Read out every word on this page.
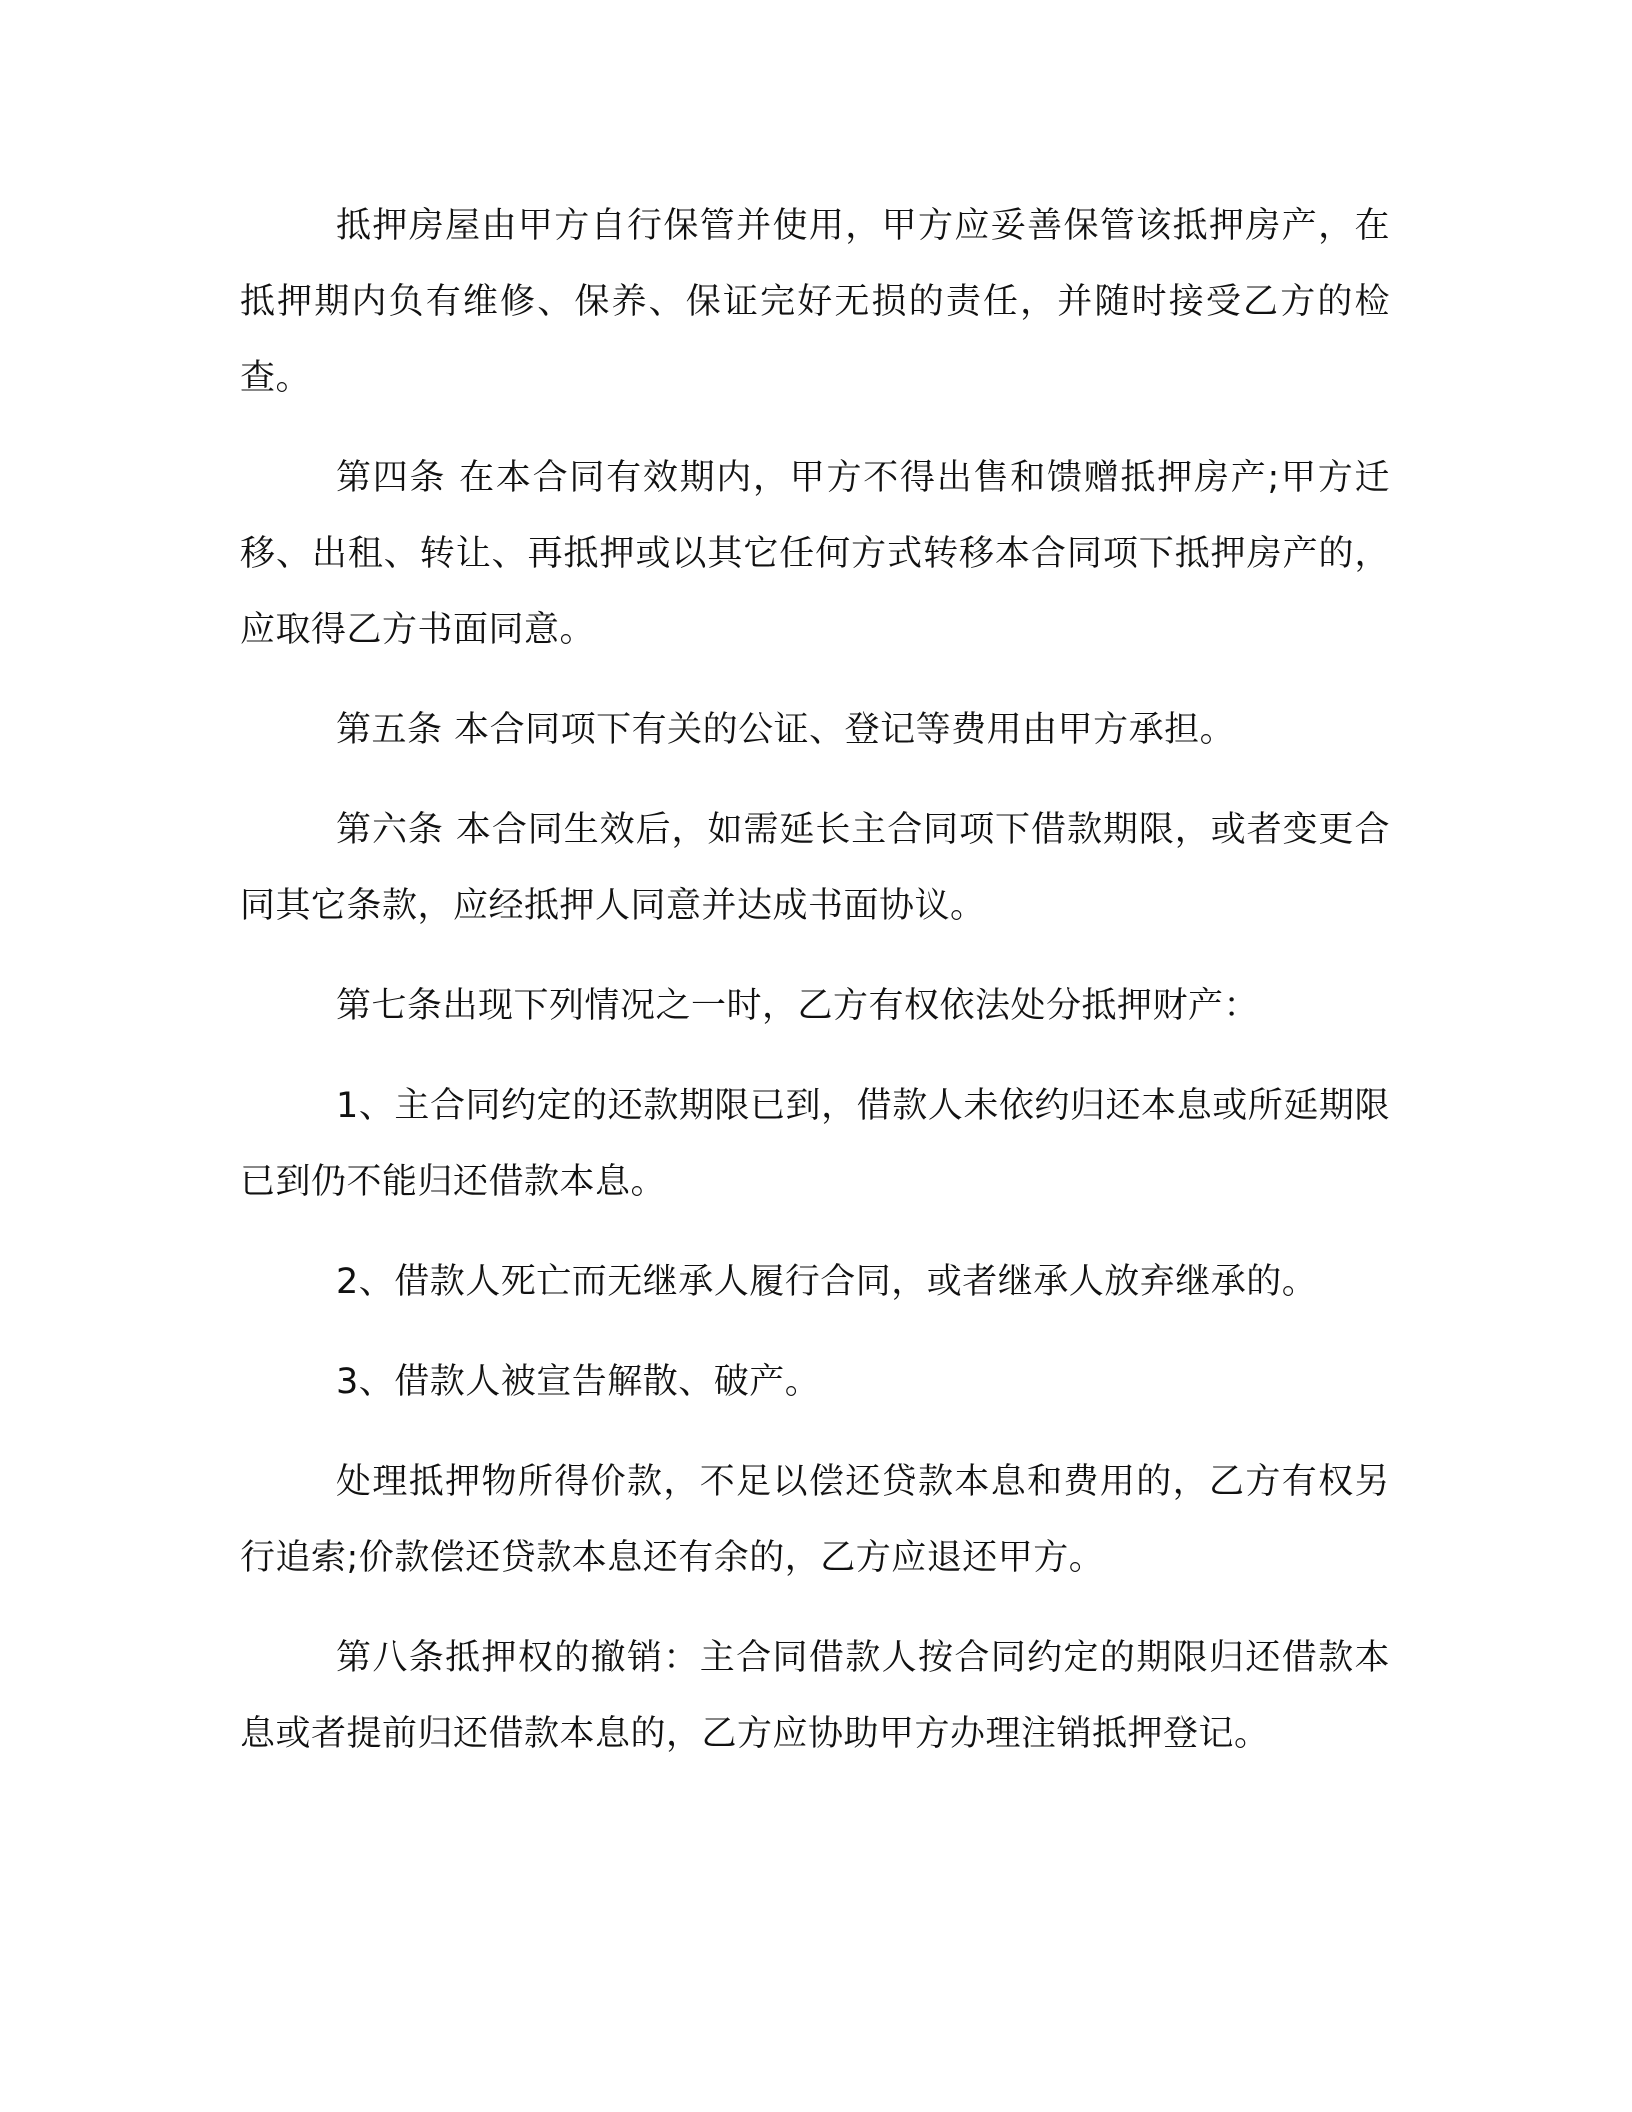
抵押房屋由甲方自行保管并使用，甲方应妥善保管该抵押房产，在抵押期内负有维修、保养、保证完好无损的责任，并随时接受乙方的检查。

第四条 在本合同有效期内，甲方不得出售和馈赠抵押房产;甲方迁移、出租、转让、再抵押或以其它任何方式转移本合同项下抵押房产的，应取得乙方书面同意。

第五条 本合同项下有关的公证、登记等费用由甲方承担。

第六条 本合同生效后，如需延长主合同项下借款期限，或者变更合同其它条款，应经抵押人同意并达成书面协议。

第七条出现下列情况之一时，乙方有权依法处分抵押财产：

1、主合同约定的还款期限已到，借款人未依约归还本息或所延期限已到仍不能归还借款本息。

2、借款人死亡而无继承人履行合同，或者继承人放弃继承的。

3、借款人被宣告解散、破产。

处理抵押物所得价款，不足以偿还贷款本息和费用的，乙方有权另行追索;价款偿还贷款本息还有余的，乙方应退还甲方。

第八条抵押权的撤销：主合同借款人按合同约定的期限归还借款本息或者提前归还借款本息的，乙方应协助甲方办理注销抵押登记。
